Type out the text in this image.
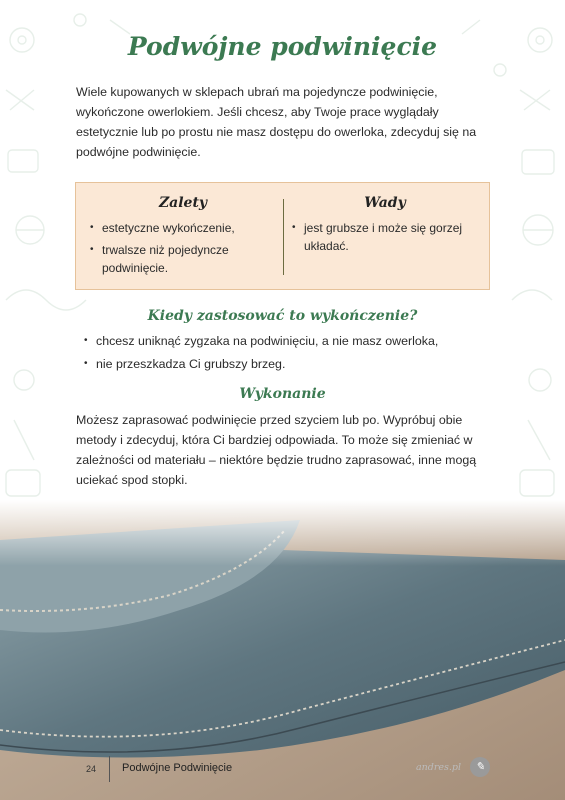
Podwójne podwinięcie

Wiele kupowanych w sklepach ubrań ma pojedyncze podwinięcie, wykończone owerlokiem. Jeśli chcesz, aby Twoje prace wyglądały estetycznie lub po prostu nie masz dostępu do owerloka, zdecyduj się na podwójne podwinięcie.

Zalety
• estetyczne wykończenie,
• trwalsze niż pojedyncze podwinięcie.
Wady
• jest grubsze i może się gorzej układać.
Kiedy zastosować to wykończenie?
• chcesz uniknąć zygzaka na podwinięciu, a nie masz owerloka,
• nie przeszkadza Ci grubszy brzeg.
Wykonanie

Możesz zaprasować podwinięcie przed szyciem lub po. Wypróbuj obie metody i zdecyduj, która Ci bardziej odpowiada. To może się zmieniać w zależności od materiału – niektóre będzie trudno zaprasować, inne mogą uciekać spod stopki.

24 Podwójne Podwinięcie	andres.pl	✎
